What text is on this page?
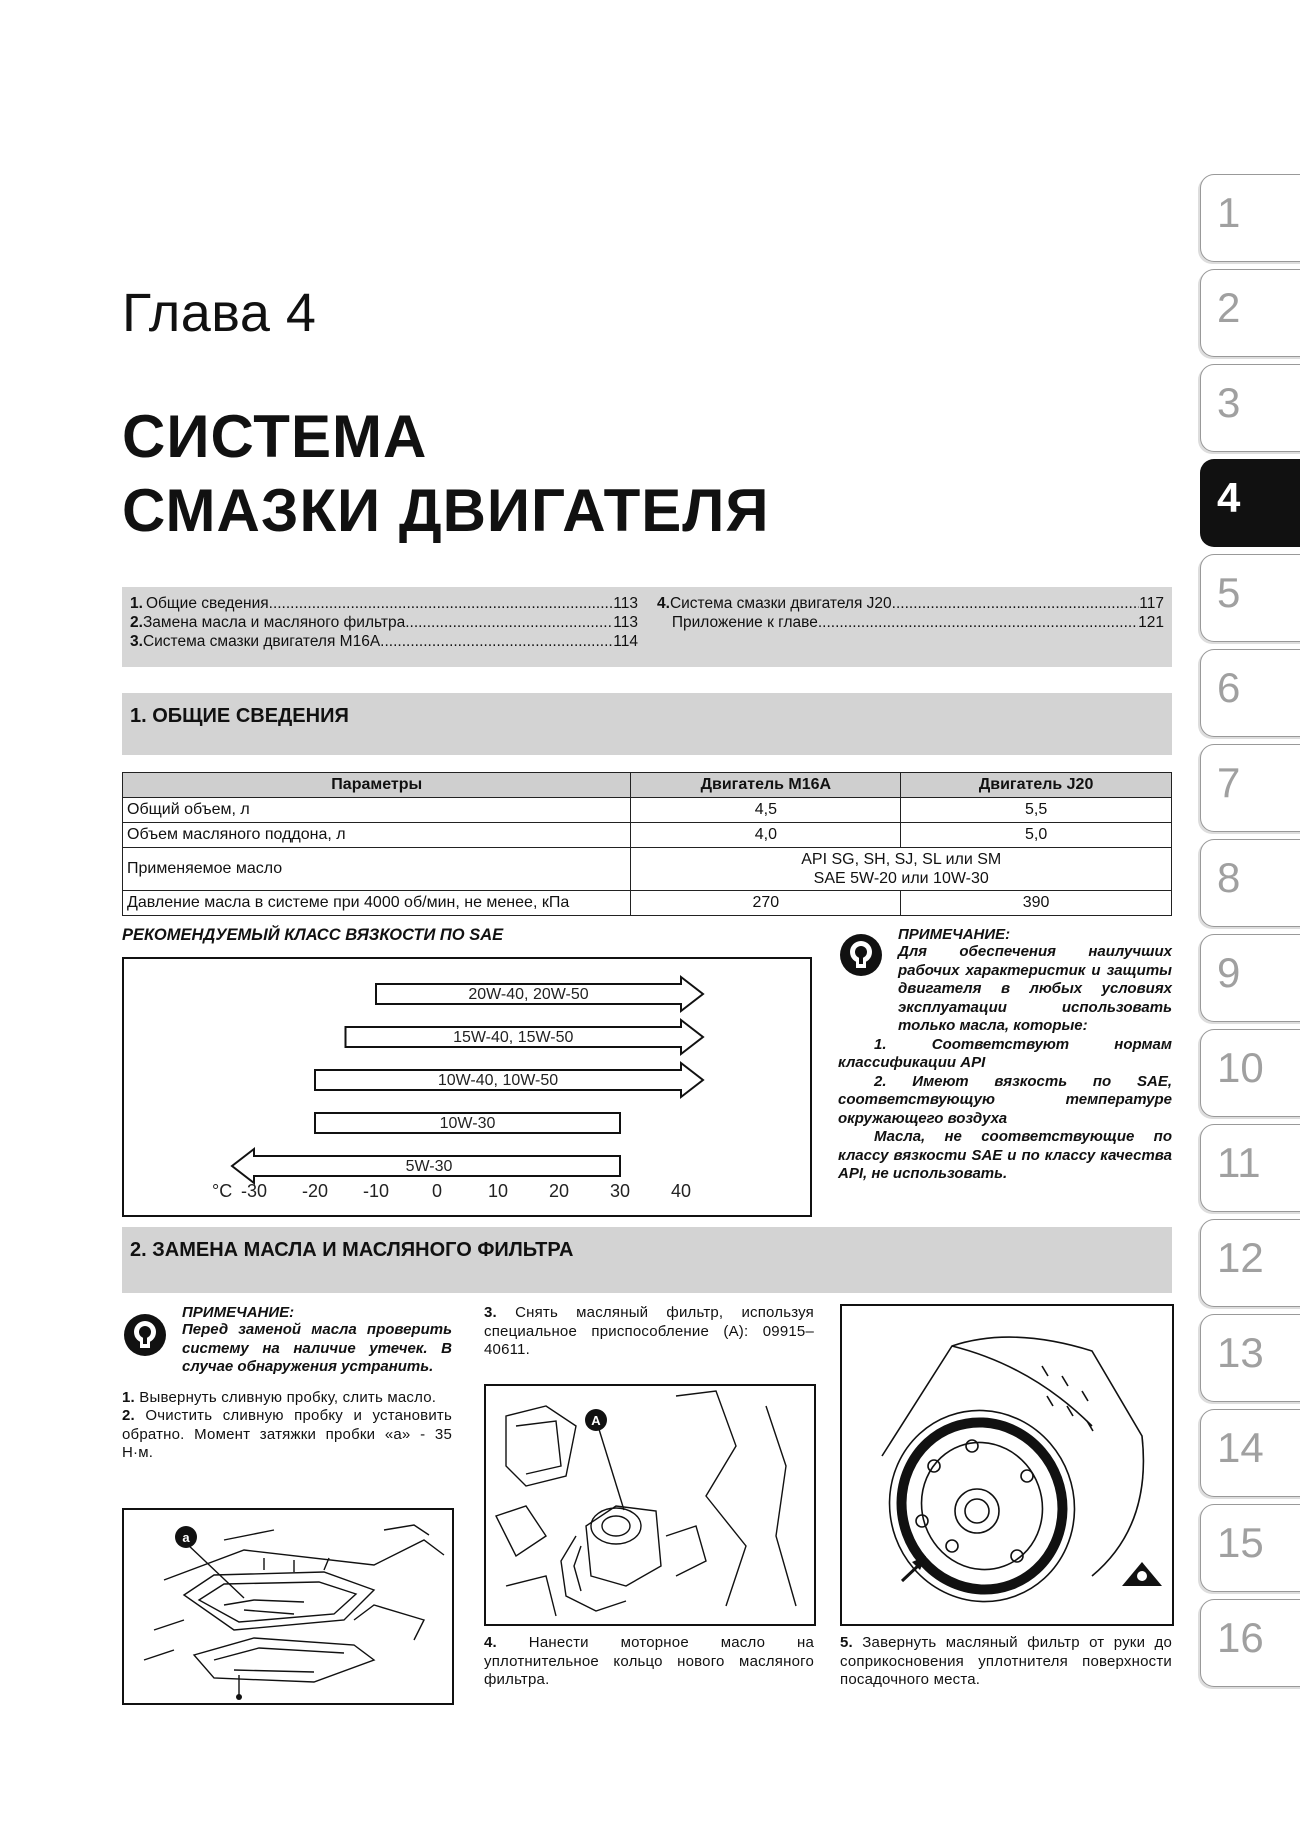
Глава 4
СИСТЕМА
СМАЗКИ ДВИГАТЕЛЯ
1
2
3
4
5
6
7
8
9
10
11
12
13
14
15
16
1. Общие сведения .....	113
2. Замена масла и масляного фильтра .....	113
3. Система смазки двигателя M16A .....	114
4. Система смазки двигателя J20 .....	117
Приложение к главе .....	121
1. ОБЩИЕ СВЕДЕНИЯ
Параметры	Двигатель M16A	Двигатель J20
Общий объем, л	4,5	5,5
Объем масляного поддона, л	4,0	5,0
Применяемое масло	API SG, SH, SJ, SL или SM
SAE 5W-20 или 10W-30	

Давление масла в системе при 4000 об/мин, не менее, кПа	270	390
РЕКОМЕНДУЕМЫЙ КЛАСС ВЯЗКОСТИ ПО SAE
20W-40, 20W-50
15W-40, 15W-50
10W-40, 10W-50
10W-30
5W-30
°C -30 -20 -10 0	10 20 30 40
ПРИМЕЧАНИЕ:
Для обеспечения наилучших рабочих характеристик и защиты двигателя в любых условиях эксплуатации использовать только масла, которые:
1. Соответствуют нормам классификации API
2. Имеют вязкость по SAE, соответствующую температуре окружающего воздуха
Масла, не соответствующие по классу вязкости SAE и по классу качества API, не использовать.
2. ЗАМЕНА МАСЛА И МАСЛЯНОГО ФИЛЬТРА
ПРИМЕЧАНИЕ:
Перед заменой масла проверить систему на наличие утечек. В случае обнаружения устранить.
1. Вывернуть сливную пробку, слить масло.
2. Очистить сливную пробку и установить обратно. Момент затяжки пробки «a» - 35 Н·м.
a
3. Снять масляный фильтр, используя специальное приспособление (A): 09915–40611.
A
4. Нанести моторное масло на уплотнительное кольцо нового масляного фильтра.
5. Завернуть масляный фильтр от руки до соприкосновения уплотнителя поверхности посадочного места.
